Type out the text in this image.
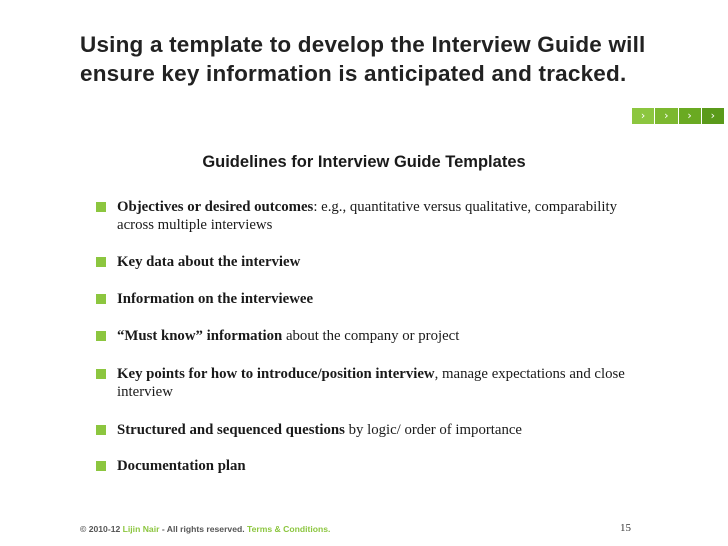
Using a template to develop the Interview Guide will ensure key information is anticipated and tracked.
›	›	›	›
Guidelines for Interview Guide Templates
Objectives or desired outcomes: e.g., quantitative versus qualitative, comparability across multiple interviews
Key data about the interview
Information on the interviewee
“Must know” information about the company or project
Key points for how to introduce/position interview, manage expectations and close interview
Structured and sequenced questions by logic/ order of importance
Documentation plan
© 2010-12 Lijin Nair - All rights reserved. Terms & Conditions.	15
